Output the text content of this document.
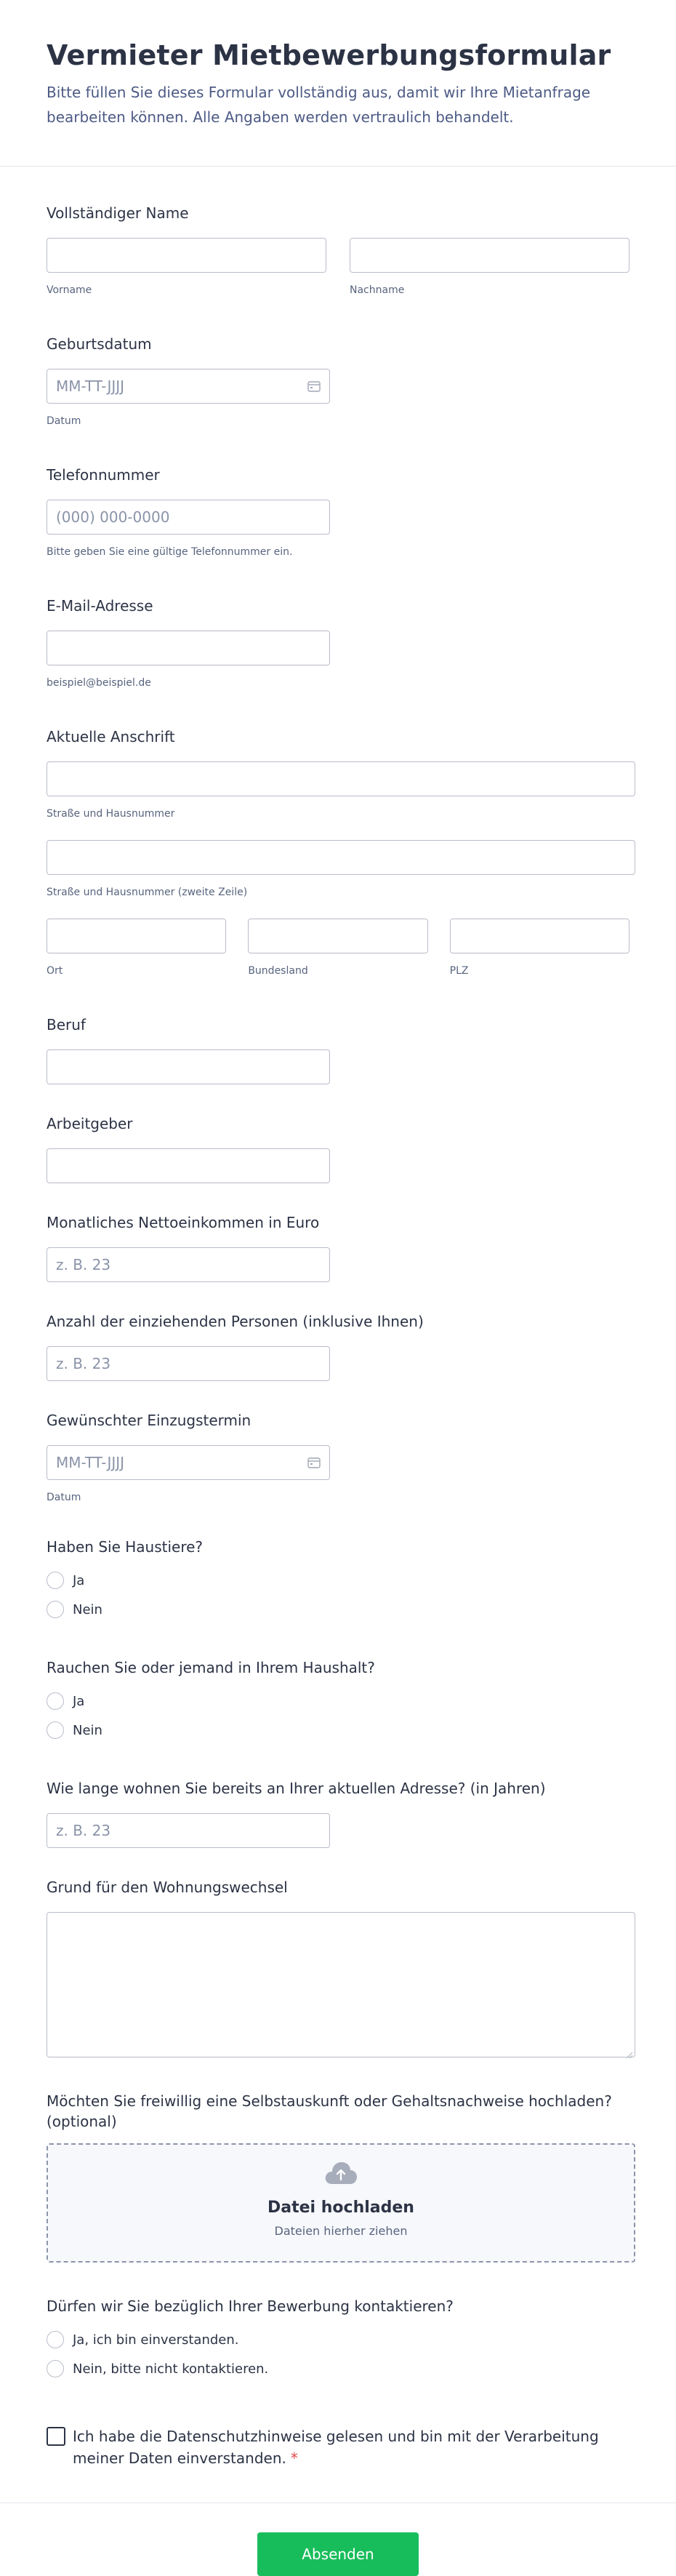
Vermieter Mietbewerbungsformular

Bitte füllen Sie dieses Formular vollständig aus, damit wir Ihre Mietanfrage bearbeiten können. Alle Angaben werden vertraulich behandelt.

Vollständiger Name
Vorname	Nachname
Geburtsdatum
MM-TT-JJJJ
Datum
Telefonnummer
(000) 000-0000
Bitte geben Sie eine gültige Telefonnummer ein.
E-Mail-Adresse
beispiel@beispiel.de
Aktuelle Anschrift
Straße und Hausnummer
Straße und Hausnummer (zweite Zeile)
Ort	Bundesland	PLZ
Beruf
Arbeitgeber
Monatliches Nettoeinkommen in Euro
z. B. 23
Anzahl der einziehenden Personen (inklusive Ihnen)
z. B. 23
Gewünschter Einzugstermin
MM-TT-JJJJ
Datum
Haben Sie Haustiere?
Ja
Nein
Rauchen Sie oder jemand in Ihrem Haushalt?
Ja
Nein
Wie lange wohnen Sie bereits an Ihrer aktuellen Adresse? (in Jahren)
z. B. 23
Grund für den Wohnungswechsel
Möchten Sie freiwillig eine Selbstauskunft oder Gehaltsnachweise hochladen? (optional)
Datei hochladen
Dateien hierher ziehen
Dürfen wir Sie bezüglich Ihrer Bewerbung kontaktieren?
Ja, ich bin einverstanden.
Nein, bitte nicht kontaktieren.
Ich habe die Datenschutzhinweise gelesen und bin mit der Verarbeitung meiner Daten einverstanden. *
Absenden
